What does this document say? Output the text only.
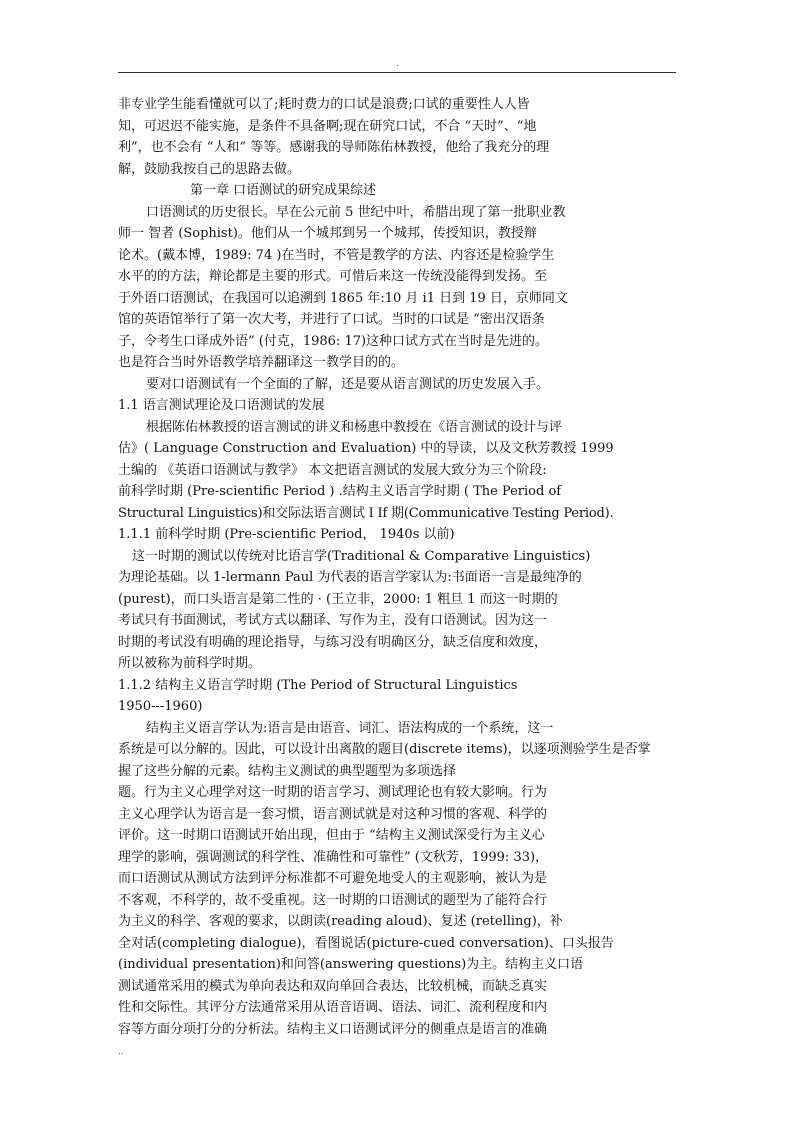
.
非专业学生能看懂就可以了;耗时费力的口试是浪费;口试的重要性人人皆
知，可迟迟不能实施，是条件不具备啊;现在研究口试，不合 “天时”、“地
利”，也不会有 “人和” 等等。感谢我的导师陈佑林教授，他给了我充分的理
解，鼓励我按自己的思路去做。
第一章 口语测试的研究成果综述
口语测试的历史很长。早在公元前 5 世纪中叶，希腊出现了第一批职业教
师一 智者 (Sophist)。他们从一个城邦到另一个城邦，传授知识，教授辩
论术。(戴本博，1989: 74 )在当时，不管是教学的方法、内容还是检验学生
水平的的方法，辩论都是主要的形式。可惜后来这一传统没能得到发扬。至
于外语口语测试，在我国可以追溯到 1865 年:10 月 i1 日到 19 日，京师同文
馆的英语馆举行了第一次大考，并进行了口试。当时的口试是 “密出汉语条
子，令考生口译成外语” (付克，1986: 17)这种口试方式在当时是先进的。
也是符合当时外语教学培养翻译这一教学目的的。
要对口语测试有一个全面的了解，还是要从语言测试的历史发展入手。
1.1 语言测试理论及口语测试的发展
根据陈佑林教授的语言测试的讲义和杨惠中教授在《语言测试的设计与评
估》( Language Construction and Evaluation) 中的导读，以及文秋芳教授 1999
土编的 《英语口语测试与教学》 本文把语言测试的发展大致分为三个阶段:
前科学时期 (Pre-scientific Period ) .结构主义语言学时期 ( The Period of
Structural Linguistics)和交际法语言测试 I If 期(Communicative Testing Period).
1.1.1 前科学时期 (Pre-scientific Period， 1940s 以前)
这一时期的测试以传统对比语言学(Traditional & Comparative Linguistics)
为理论基础。以 1-lermann Paul 为代表的语言学家认为:书面语一言是最纯净的
(purest)，而口头语言是第二性的 · (王立非，2000: 1 粗旦 1 而这一时期的
考试只有书面测试，考试方式以翻译、写作为主，没有口语测试。因为这一
时期的考试没有明确的理论指导，与练习没有明确区分，缺乏信度和效度，
所以被称为前科学时期。
1.1.2 结构主义语言学时期 (The Period of Structural Linguistics
1950---1960)
结构主义语言学认为:语言是由语音、词汇、语法构成的一个系统，这一
系统是可以分解的。因此，可以设计出离散的题目(discrete items)，以逐项测验学生是否掌
握了这些分解的元素。结构主义测试的典型题型为多项选择
题。行为主义心理学对这一时期的语言学习、测试理论也有较大影响。行为
主义心理学认为语言是一套习惯，语言测试就是对这种习惯的客观、科学的
评价。这一时期口语测试开始出现，但由于 “结构主义测试深受行为主义心
理学的影响，强调测试的科学性、准确性和可靠性” (文秋芳，1999: 33)，
而口语测试从测试方法到评分标准都不可避免地受人的主观影响，被认为是
不客观，不科学的，故不受重视。这一时期的口语测试的题型为了能符合行
为主义的科学、客观的要求，以朗读(reading aloud)、复述 (retelling)，补
全对话(completing dialogue)，看图说话(picture-cued conversation)、口头报告
(individual presentation)和问答(answering questions)为主。结构主义口语
测试通常采用的模式为单向表达和双向单回合表达，比较机械，而缺乏真实
性和交际性。其评分方法通常采用从语音语调、语法、词汇、流利程度和内
容等方面分项打分的分析法。结构主义口语测试评分的侧重点是语言的准确
..
